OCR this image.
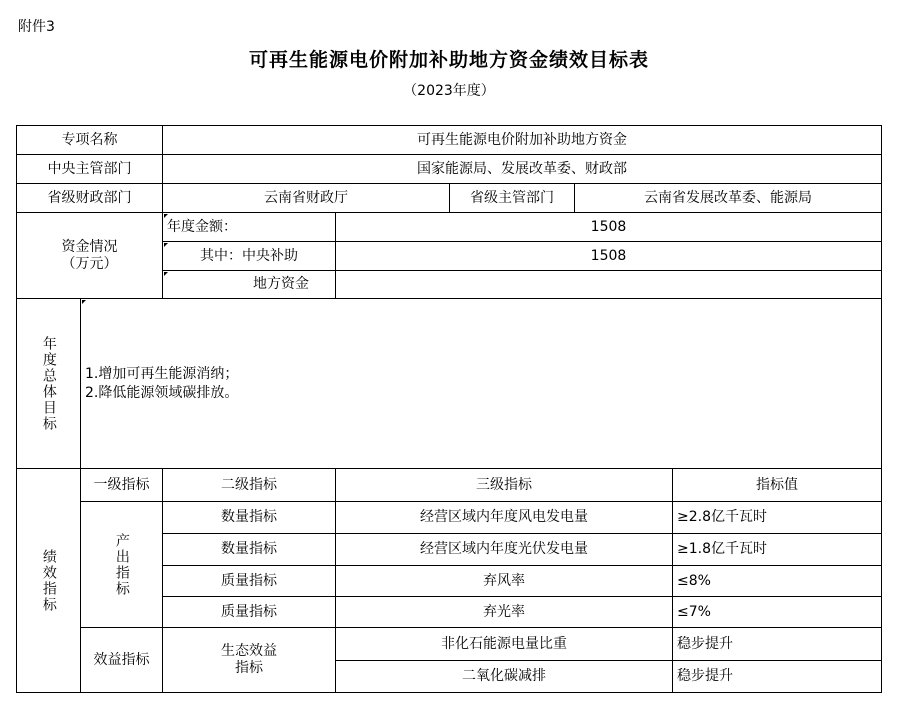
附件3
可再生能源电价附加补助地方资金绩效目标表
（2023年度）
专项名称	可再生能源电价附加补助地方资金
中央主管部门	国家能源局、发展改革委、财政部
省级财政部门	云南省财政厅	省级主管部门	云南省发展改革委、能源局
资金情况
（万元）
年度金额：	1508
其中：中央补助	1508
地方资金
年度总体目标 1.增加可再生能源消纳；
2.降低能源领域碳排放。
绩效指标
一级指标	二级指标	三级指标	指标值
产出指标
数量指标	经营区域内年度风电发电量	≥2.8亿千瓦时
数量指标	经营区域内年度光伏发电量	≥1.8亿千瓦时
质量指标	弃风率	≤8%
质量指标	弃光率	≤7%
效益指标
生态效益
指标
非化石能源电量比重	稳步提升
二氧化碳减排	稳步提升
